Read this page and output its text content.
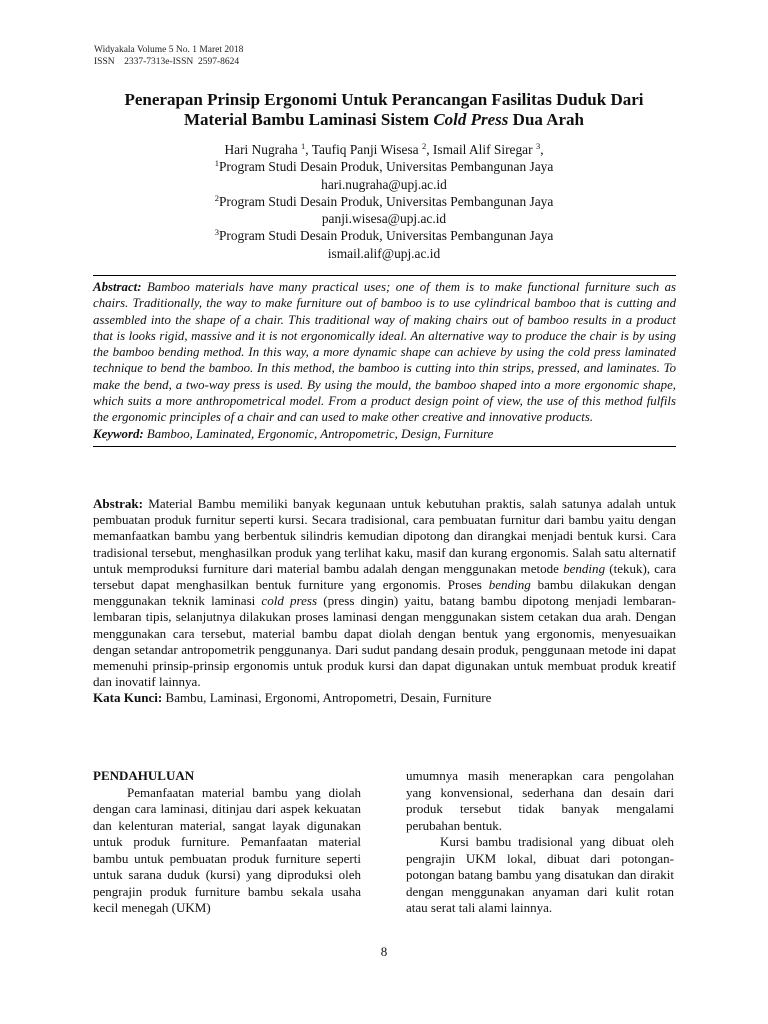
Widyakala Volume 5 No. 1 Maret 2018
ISSN    2337-7313e-ISSN  2597-8624
Penerapan Prinsip Ergonomi Untuk Perancangan Fasilitas Duduk Dari
Material Bambu Laminasi Sistem Cold Press Dua Arah
Hari Nugraha $^1$, Taufiq Panji Wisesa $^2$, Ismail Alif Siregar $^3$,
$^1$Program Studi Desain Produk, Universitas Pembangunan Jaya
hari.nugraha@upj.ac.id
$^2$Program Studi Desain Produk, Universitas Pembangunan Jaya
panji.wisesa@upj.ac.id
$^3$Program Studi Desain Produk, Universitas Pembangunan Jaya
ismail.alif@upj.ac.id

Abstract: Bamboo materials have many practical uses; one of them is to make functional furniture such as chairs. Traditionally, the way to make furniture out of bamboo is to use cylindrical bamboo that is cutting and assembled into the shape of a chair. This traditional way of making chairs out of bamboo results in a product that is looks rigid, massive and it is not ergonomically ideal. An alternative way to produce the chair is by using the bamboo bending method. In this way, a more dynamic shape can achieve by using the cold press laminated technique to bend the bamboo. In this method, the bamboo is cutting into thin strips, pressed, and laminates. To make the bend, a two-way press is used. By using the mould, the bamboo shaped into a more ergonomic shape, which suits a more anthropometrical model. From a product design point of view, the use of this method fulfils the ergonomic principles of a chair and can used to make other creative and innovative products.

Keyword: Bamboo, Laminated, Ergonomic, Antropometric, Design, Furniture

Abstrak: Material Bambu memiliki banyak kegunaan untuk kebutuhan praktis, salah satunya adalah untuk pembuatan produk furnitur seperti kursi. Secara tradisional, cara pembuatan furnitur dari bambu yaitu dengan memanfaatkan bambu yang berbentuk silindris kemudian dipotong dan dirangkai menjadi bentuk kursi. Cara tradisional tersebut, menghasilkan produk yang terlihat kaku, masif dan kurang ergonomis. Salah satu alternatif untuk memproduksi furniture dari material bambu adalah dengan menggunakan metode bending (tekuk), cara tersebut dapat menghasilkan bentuk furniture yang ergonomis. Proses bending bambu dilakukan dengan menggunakan teknik laminasi cold press (press dingin) yaitu, batang bambu dipotong menjadi lembaran-lembaran tipis, selanjutnya dilakukan proses laminasi dengan menggunakan sistem cetakan dua arah. Dengan menggunakan cara tersebut, material bambu dapat diolah dengan bentuk yang ergonomis, menyesuaikan dengan setandar antropometrik penggunanya. Dari sudut pandang desain produk, penggunaan metode ini dapat memenuhi prinsip-prinsip ergonomis untuk produk kursi dan dapat digunakan untuk membuat produk kreatif dan inovatif lainnya.

Kata Kunci: Bambu, Laminasi, Ergonomi, Antropometri, Desain, Furniture

PENDAHULUAN

Pemanfaatan material bambu yang diolah dengan cara laminasi, ditinjau dari aspek kekuatan dan kelenturan material, sangat layak digunakan untuk produk furniture. Pemanfaatan material bambu untuk pembuatan produk furniture seperti untuk sarana duduk (kursi) yang diproduksi oleh pengrajin produk furniture bambu sekala usaha kecil menegah (UKM)

umumnya masih menerapkan cara pengolahan yang konvensional, sederhana dan desain dari produk tersebut tidak banyak mengalami perubahan bentuk.

Kursi bambu tradisional yang dibuat oleh pengrajin UKM lokal, dibuat dari potongan-potongan batang bambu yang disatukan dan dirakit dengan menggunakan anyaman dari kulit rotan atau serat tali alami lainnya.

8
